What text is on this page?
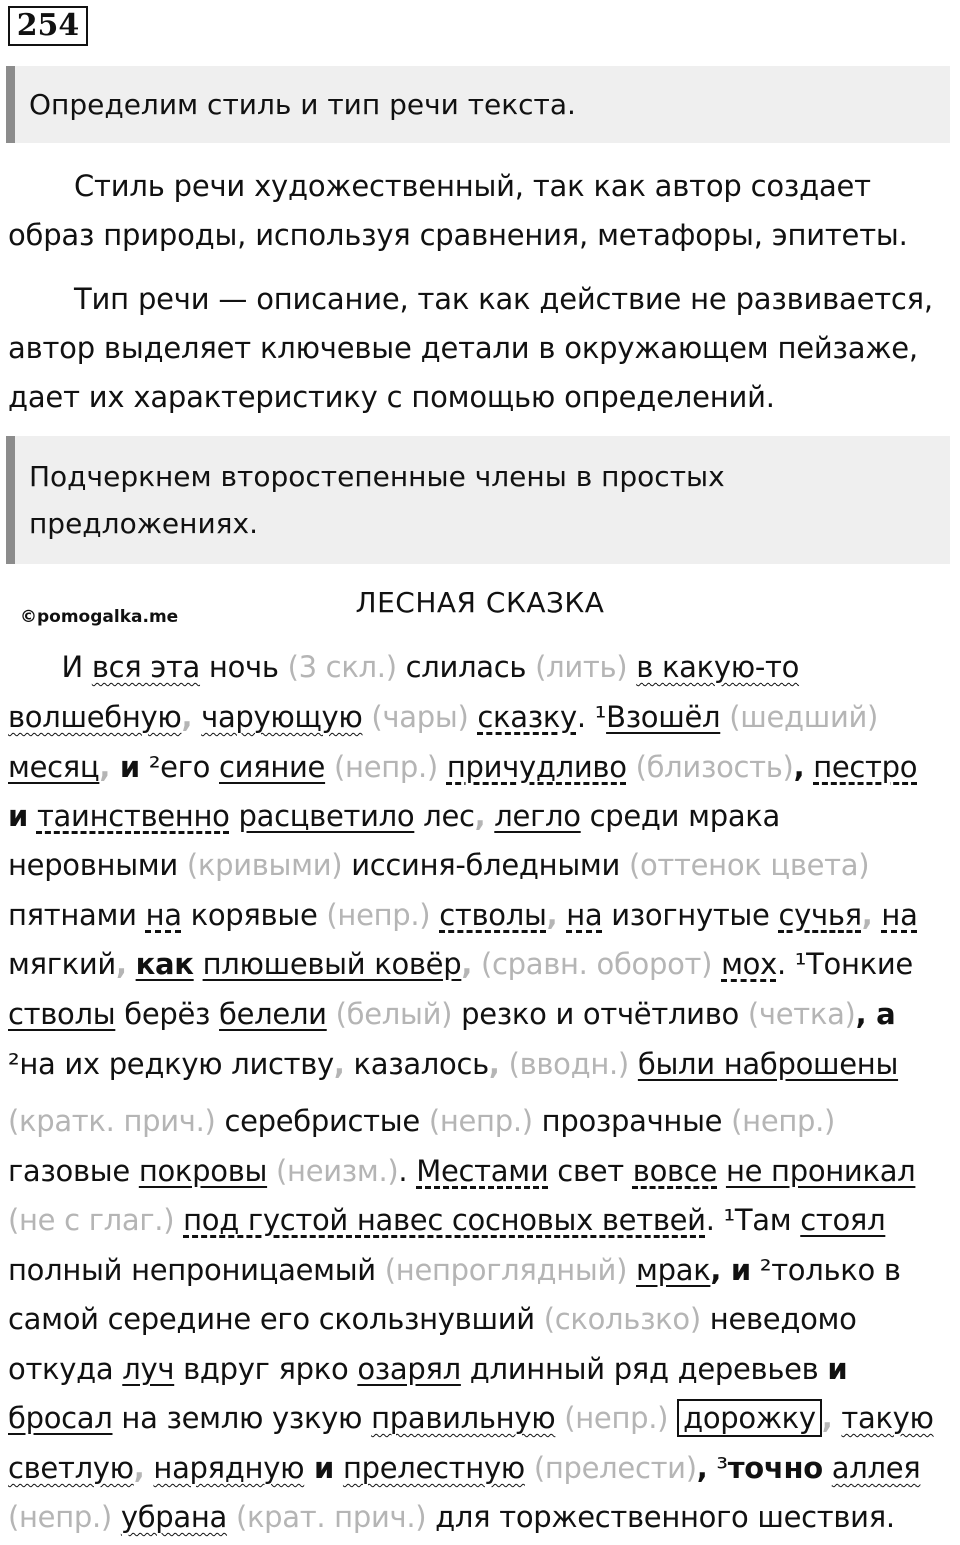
254
Определим стиль и тип речи текста.

Стиль речи художественный, так как автор создает образ природы, используя сравнения, метафоры, эпитеты.

Тип речи — описание, так как действие не развивается, автор выделяет ключевые детали в окружающем пейзаже, дает их характеристику с помощью определений.

Подчеркнем второстепенные члены в простых предложениях.
©pomogalka.me	ЛЕСНАЯ СКАЗКА
И вся эта ночь (3 скл.) слилась (лить) в какую-то
волшебную, чарующую (чары) сказку. ¹Взошёл (шедший)
месяц, и ²его сияние (непр.) причудливо (близость), пестро
и таинственно расцветило лес, легло среди мрака
неровными (кривыми) иссиня-бледными (оттенок цвета)
пятнами на корявые (непр.) стволы, на изогнутые сучья, на
мягкий, как плюшевый ковёр, (сравн. оборот) мох. ¹Тонкие
стволы берёз белели (белый) резко и отчётливо (четка), а
²на их редкую листву, казалось, (вводн.) были наброшены
(кратк. прич.) серебристые (непр.) прозрачные (непр.)
газовые покровы (неизм.). Местами свет вовсе не проникал
(не с глаг.) под густой навес сосновых ветвей. ¹Там стоял
полный непроницаемый (непроглядный) мрак, и ²только в
самой середине его скользнувший (скользко) неведомо
откуда луч вдруг ярко озарял длинный ряд деревьев и
бросал на землю узкую правильную (непр.) дорожку , такую
светлую, нарядную и прелестную (прелести), ³точно аллея
(непр.) убрана (крат. прич.) для торжественного шествия.
